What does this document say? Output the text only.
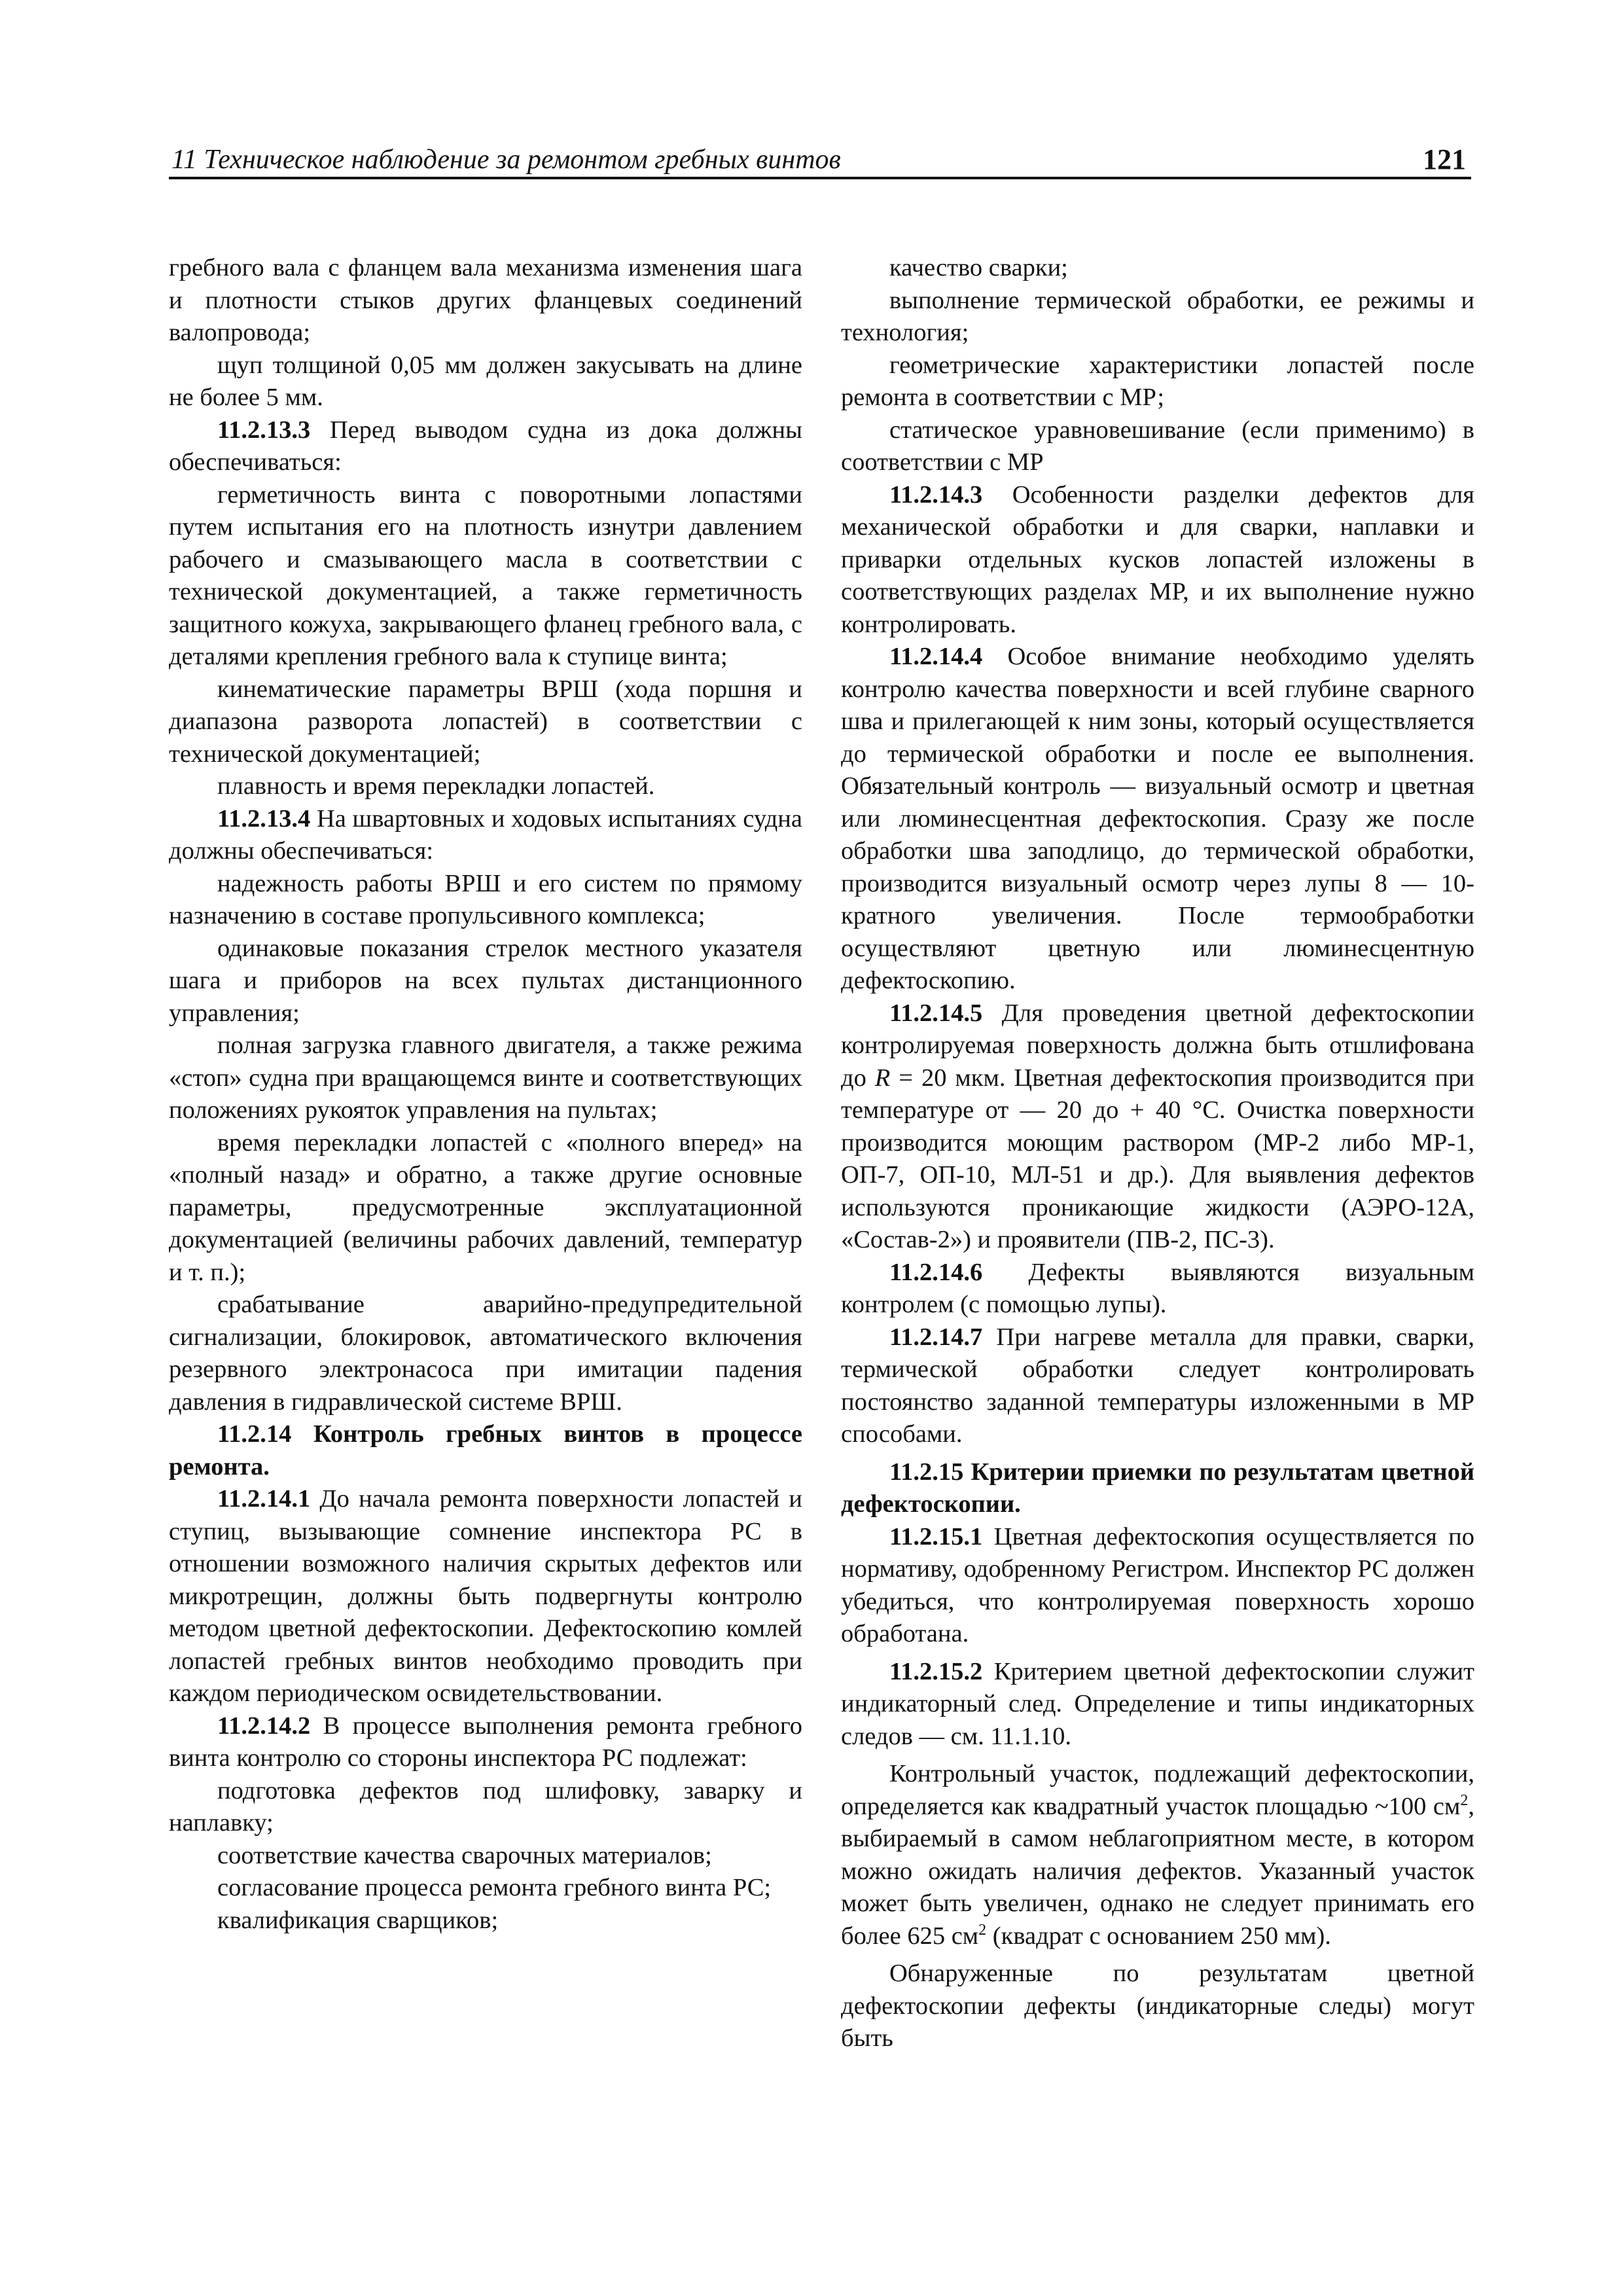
11 Техническое наблюдение за ремонтом гребных винтов	121

гребного вала с фланцем вала механизма изменения шага и плотности стыков других фланцевых соединений валопровода;

щуп толщиной 0,05 мм должен закусывать на длине не более 5 мм.

11.2.13.3 Перед выводом судна из дока должны обеспечиваться:

герметичность винта с поворотными лопастями путем испытания его на плотность изнутри давлением рабочего и смазывающего масла в соответствии с технической документацией, а также герметичность защитного кожуха, закрывающего фланец гребного вала, с деталями крепления гребного вала к ступице винта;

кинематические параметры ВРШ (хода поршня и диапазона разворота лопастей) в соответствии с технической документацией;

плавность и время перекладки лопастей.

11.2.13.4 На швартовных и ходовых испытаниях судна должны обеспечиваться:

надежность работы ВРШ и его систем по прямому назначению в составе пропульсивного комплекса;

одинаковые показания стрелок местного указателя шага и приборов на всех пультах дистанционного управления;

полная загрузка главного двигателя, а также режима «стоп» судна при вращающемся винте и соответствующих положениях рукояток управления на пультах;

время перекладки лопастей с «полного вперед» на «полный назад» и обратно, а также другие основные параметры, предусмотренные эксплуатационной документацией (величины рабочих давлений, температур и т. п.);

срабатывание аварийно-предупредительной сигнализации, блокировок, автоматического включения резервного электронасоса при имитации падения давления в гидравлической системе ВРШ.

11.2.14 Контроль гребных винтов в процессе ремонта.

11.2.14.1 До начала ремонта поверхности лопастей и ступиц, вызывающие сомнение инспектора РС в отношении возможного наличия скрытых дефектов или микротрещин, должны быть подвергнуты контролю методом цветной дефектоскопии. Дефектоскопию комлей лопастей гребных винтов необходимо проводить при каждом периодическом освидетельствовании.

11.2.14.2 В процессе выполнения ремонта гребного винта контролю со стороны инспектора РС подлежат:

подготовка дефектов под шлифовку, заварку и наплавку;

соответствие качества сварочных материалов;

согласование процесса ремонта гребного винта РС;

квалификация сварщиков;

качество сварки;

выполнение термической обработки, ее режимы и технология;

геометрические характеристики лопастей после ремонта в соответствии с МР;

статическое уравновешивание (если применимо) в соответствии с МР

11.2.14.3 Особенности разделки дефектов для механической обработки и для сварки, наплавки и приварки отдельных кусков лопастей изложены в соответствующих разделах МР, и их выполнение нужно контролировать.

11.2.14.4 Особое внимание необходимо уделять контролю качества поверхности и всей глубине сварного шва и прилегающей к ним зоны, который осуществляется до термической обработки и после ее выполнения. Обязательный контроль — визуальный осмотр и цветная или люминесцентная дефектоскопия. Сразу же после обработки шва заподлицо, до термической обработки, производится визуальный осмотр через лупы 8 — 10-кратного увеличения. После термообработки осуществляют цветную или люминесцентную дефектоскопию.

11.2.14.5 Для проведения цветной дефектоскопии контролируемая поверхность должна быть отшлифована до R = 20 мкм. Цветная дефектоскопия производится при температуре от — 20 до + 40 °С. Очистка поверхности производится моющим раствором (МР-2 либо МР-1, ОП-7, ОП-10, МЛ-51 и др.). Для выявления дефектов используются проникающие жидкости (АЭРО-12А, «Состав-2») и проявители (ПВ-2, ПС-3).

11.2.14.6 Дефекты выявляются визуальным контролем (с помощью лупы).

11.2.14.7 При нагреве металла для правки, сварки, термической обработки следует контролировать постоянство заданной температуры изложенными в МР способами.

11.2.15 Критерии приемки по результатам цветной дефектоскопии.

11.2.15.1 Цветная дефектоскопия осуществляется по нормативу, одобренному Регистром. Инспектор РС должен убедиться, что контролируемая поверхность хорошо обработана.

11.2.15.2 Критерием цветной дефектоскопии служит индикаторный след. Определение и типы индикаторных следов — см. 11.1.10.

Контрольный участок, подлежащий дефектоскопии, определяется как квадратный участок площадью ~100 $см^2$, выбираемый в самом неблагоприятном месте, в котором можно ожидать наличия дефектов. Указанный участок может быть увеличен, однако не следует принимать его более 625 $см^2$ (квадрат с основанием 250 мм).

Обнаруженные по результатам цветной дефектоскопии дефекты (индикаторные следы) могут быть
